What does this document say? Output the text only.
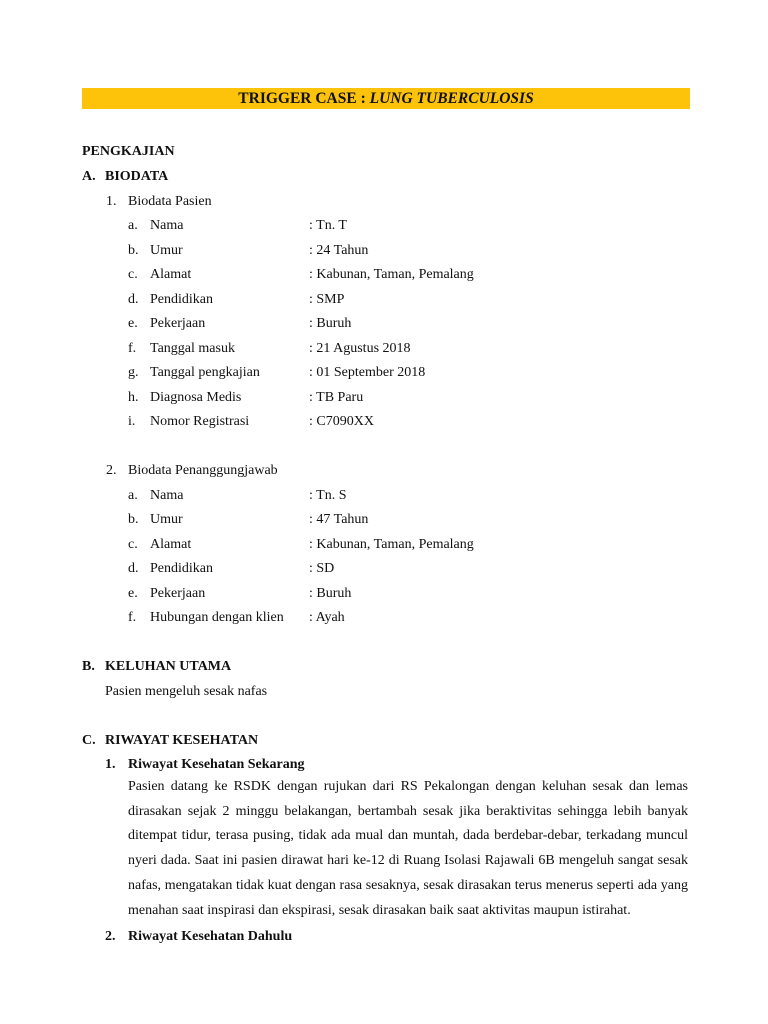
TRIGGER CASE : LUNG TUBERCULOSIS
PENGKAJIAN
A. BIODATA
1. Biodata Pasien
a. Nama	: Tn. T
b. Umur	: 24 Tahun
c. Alamat	: Kabunan, Taman, Pemalang
d. Pendidikan	: SMP
e. Pekerjaan	: Buruh
f. Tanggal masuk	: 21 Agustus 2018
g. Tanggal pengkajian	: 01 September 2018
h. Diagnosa Medis	: TB Paru
i. Nomor Registrasi	: C7090XX
2. Biodata Penanggungjawab
a. Nama	: Tn. S
b. Umur	: 47 Tahun
c. Alamat	: Kabunan, Taman, Pemalang
d. Pendidikan	: SD
e. Pekerjaan	: Buruh
f. Hubungan dengan klien : Ayah
B. KELUHAN UTAMA
Pasien mengeluh sesak nafas
C. RIWAYAT KESEHATAN
1. Riwayat Kesehatan Sekarang

Pasien datang ke RSDK dengan rujukan dari RS Pekalongan dengan keluhan sesak dan lemas

dirasakan sejak 2 minggu belakangan, bertambah sesak jika beraktivitas sehingga lebih banyak

ditempat tidur, terasa pusing, tidak ada mual dan muntah, dada berdebar-debar, terkadang muncul

nyeri dada. Saat ini pasien dirawat hari ke-12 di Ruang Isolasi Rajawali 6B mengeluh sangat sesak

nafas, mengatakan tidak kuat dengan rasa sesaknya, sesak dirasakan terus menerus seperti ada yang

menahan saat inspirasi dan ekspirasi, sesak dirasakan baik saat aktivitas maupun istirahat.

2. Riwayat Kesehatan Dahulu
